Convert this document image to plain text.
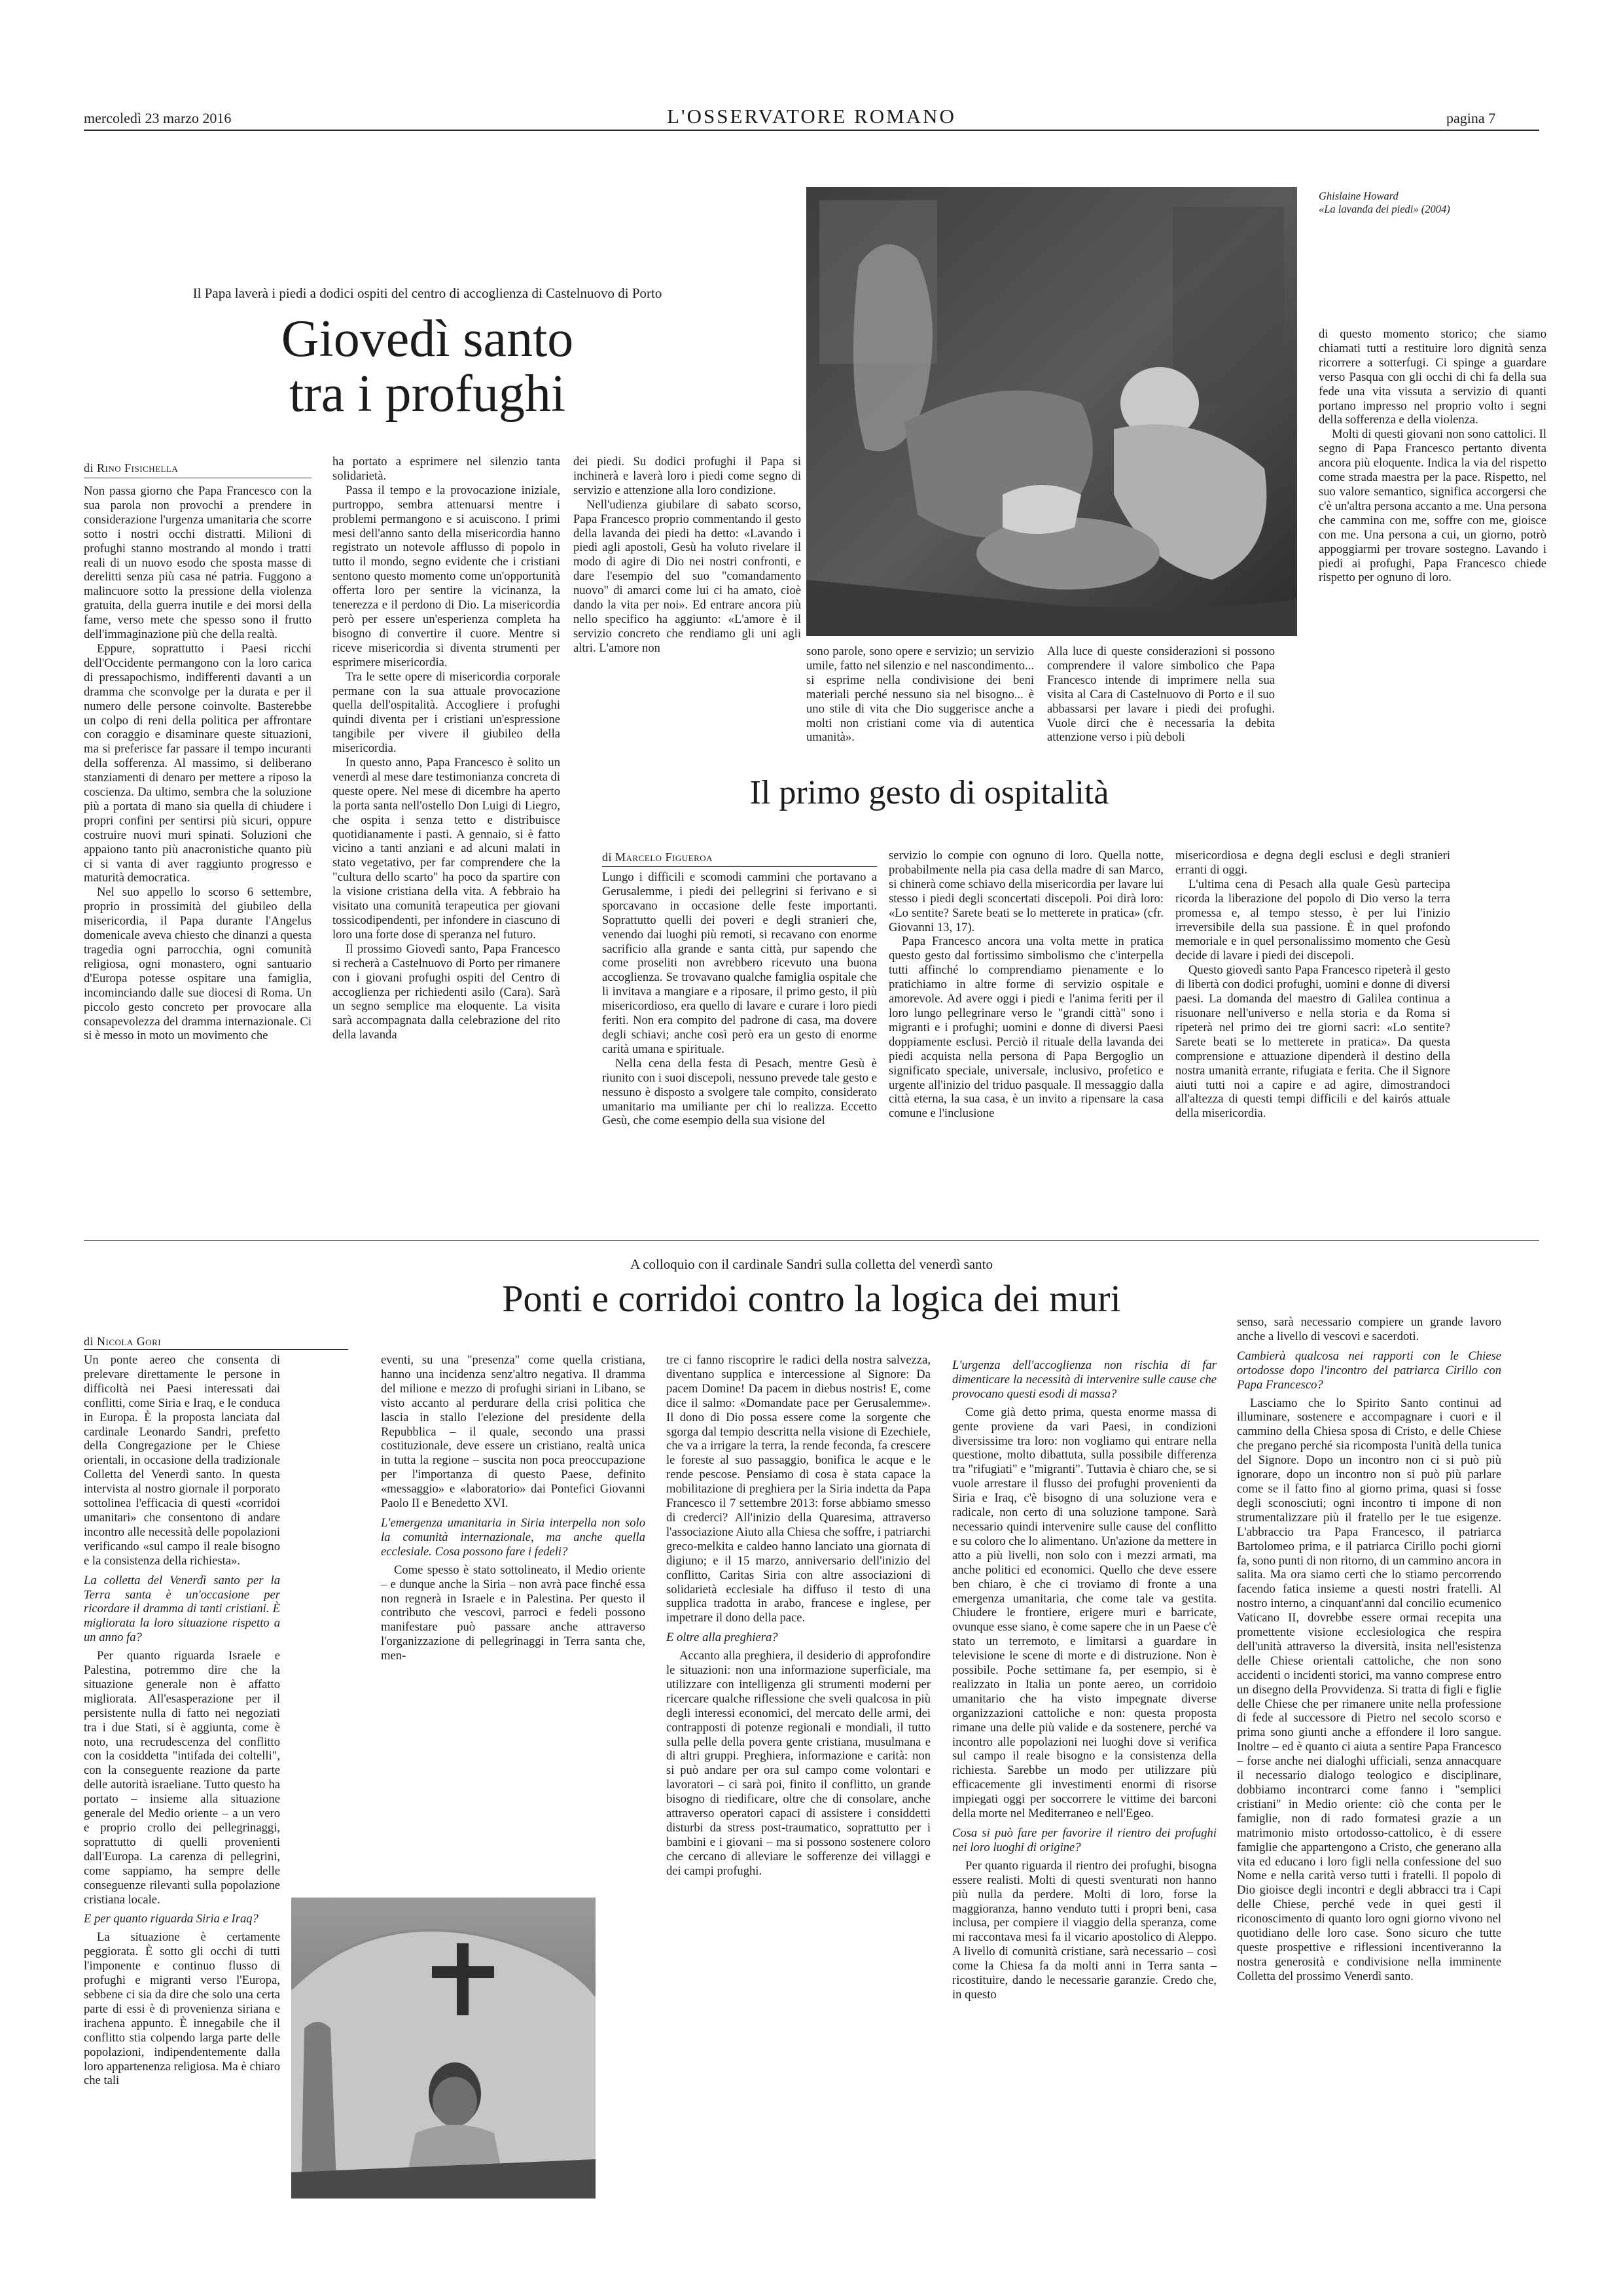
mercoledì 23 marzo 2016	L'OSSERVATORE ROMANO	pagina 7
Il Papa laverà i piedi a dodici ospiti del centro di accoglienza di Castelnuovo di Porto
Giovedì santo
tra i profughi
di Rino Fisichella

Non passa giorno che Papa Francesco con la sua parola non provochi a prendere in considerazione l'urgenza umanitaria che scorre sotto i nostri occhi distratti. Milioni di profughi stanno mostrando al mondo i tratti reali di un nuovo esodo che sposta masse di derelitti senza più casa né patria. Fuggono a malincuore sotto la pressione della violenza gratuita, della guerra inutile e dei morsi della fame, verso mete che spesso sono il frutto dell'immaginazione più che della realtà.

Eppure, soprattutto i Paesi ricchi dell'Occidente permangono con la loro carica di pressapochismo, indifferenti davanti a un dramma che sconvolge per la durata e per il numero delle persone coinvolte. Basterebbe un colpo di reni della politica per affrontare con coraggio e disaminare queste situazioni, ma si preferisce far passare il tempo incuranti della sofferenza. Al massimo, si deliberano stanziamenti di denaro per mettere a riposo la coscienza. Da ultimo, sembra che la soluzione più a portata di mano sia quella di chiudere i propri confini per sentirsi più sicuri, oppure costruire nuovi muri spinati. Soluzioni che appaiono tanto più anacronistiche quanto più ci si vanta di aver raggiunto progresso e maturità democratica.

Nel suo appello lo scorso 6 settembre, proprio in prossimità del giubileo della misericordia, il Papa durante l'Angelus domenicale aveva chiesto che dinanzi a questa tragedia ogni parrocchia, ogni comunità religiosa, ogni monastero, ogni santuario d'Europa potesse ospitare una famiglia, incominciando dalle sue diocesi di Roma. Un piccolo gesto concreto per provocare alla consapevolezza del dramma internazionale. Ci si è messo in moto un movimento che

ha portato a esprimere nel silenzio tanta solidarietà.

Passa il tempo e la provocazione iniziale, purtroppo, sembra attenuarsi mentre i problemi permangono e si acuiscono. I primi mesi dell'anno santo della misericordia hanno registrato un notevole afflusso di popolo in tutto il mondo, segno evidente che i cristiani sentono questo momento come un'opportunità offerta loro per sentire la vicinanza, la tenerezza e il perdono di Dio. La misericordia però per essere un'esperienza completa ha bisogno di convertire il cuore. Mentre si riceve misericordia si diventa strumenti per esprimere misericordia.

Tra le sette opere di misericordia corporale permane con la sua attuale provocazione quella dell'ospitalità. Accogliere i profughi quindi diventa per i cristiani un'espressione tangibile per vivere il giubileo della misericordia.

In questo anno, Papa Francesco è solito un venerdì al mese dare testimonianza concreta di queste opere. Nel mese di dicembre ha aperto la porta santa nell'ostello Don Luigi di Liegro, che ospita i senza tetto e distribuisce quotidianamente i pasti. A gennaio, si è fatto vicino a tanti anziani e ad alcuni malati in stato vegetativo, per far comprendere che la "cultura dello scarto" ha poco da spartire con la visione cristiana della vita. A febbraio ha visitato una comunità terapeutica per giovani tossicodipendenti, per infondere in ciascuno di loro una forte dose di speranza nel futuro.

Il prossimo Giovedì santo, Papa Francesco si recherà a Castelnuovo di Porto per rimanere con i giovani profughi ospiti del Centro di accoglienza per richiedenti asilo (Cara). Sarà un segno semplice ma eloquente. La visita sarà accompagnata dalla celebrazione del rito della lavanda

dei piedi. Su dodici profughi il Papa si inchinerà e laverà loro i piedi come segno di servizio e attenzione alla loro condizione.

Nell'udienza giubilare di sabato scorso, Papa Francesco proprio commentando il gesto della lavanda dei piedi ha detto: «Lavando i piedi agli apostoli, Gesù ha voluto rivelare il modo di agire di Dio nei nostri confronti, e dare l'esempio del suo "comandamento nuovo" di amarci come lui ci ha amato, cioè dando la vita per noi». Ed entrare ancora più nello specifico ha aggiunto: «L'amore è il servizio concreto che rendiamo gli uni agli altri. L'amore non	sono parole, sono opere e servizio; un servizio umile, fatto nel silenzio e nel nascondimento... si esprime nella condivisione dei beni materiali perché nessuno sia nel bisogno... è uno stile di vita che Dio suggerisce anche a molti non cristiani come via di autentica umanità».

Alla luce di queste considerazioni si possono comprendere il valore simbolico che Papa Francesco intende di imprimere nella sua visita al Cara di Castelnuovo di Porto e il suo abbassarsi per lavare i piedi dei profughi. Vuole dirci che è necessaria la debita attenzione verso i più deboli

di questo momento storico; che siamo chiamati tutti a restituire loro dignità senza ricorrere a sotterfugi. Ci spinge a guardare verso Pasqua con gli occhi di chi fa della sua fede una vita vissuta a servizio di quanti portano impresso nel proprio volto i segni della sofferenza e della violenza.

Molti di questi giovani non sono cattolici. Il segno di Papa Francesco pertanto diventa ancora più eloquente. Indica la via del rispetto come strada maestra per la pace. Rispetto, nel suo valore semantico, significa accorgersi che c'è un'altra persona accanto a me. Una persona che cammina con me, soffre con me, gioisce con me. Una persona a cui, un giorno, potrò appoggiarmi per trovare sostegno. Lavando i piedi ai profughi, Papa Francesco chiede rispetto per ognuno di loro.

Ghislaine Howard
«La lavanda dei piedi» (2004)
Il primo gesto di ospitalità
di Marcelo Figueroa

Lungo i difficili e scomodi cammini che portavano a Gerusalemme, i piedi dei pellegrini si ferivano e si sporcavano in occasione delle feste importanti. Soprattutto quelli dei poveri e degli stranieri che, venendo dai luoghi più remoti, si recavano con enorme sacrificio alla grande e santa città, pur sapendo che come proseliti non avrebbero ricevuto una buona accoglienza. Se trovavano qualche famiglia ospitale che li invitava a mangiare e a riposare, il primo gesto, il più misericordioso, era quello di lavare e curare i loro piedi feriti. Non era compito del padrone di casa, ma dovere degli schiavi; anche così però era un gesto di enorme carità umana e spirituale.

Nella cena della festa di Pesach, mentre Gesù è riunito con i suoi discepoli, nessuno prevede tale gesto e nessuno è disposto a svolgere tale compito, considerato umanitario ma umiliante per chi lo realizza. Eccetto Gesù, che come esempio della sua visione del

servizio lo compie con ognuno di loro. Quella notte, probabilmente nella pia casa della madre di san Marco, si chinerà come schiavo della misericordia per lavare lui stesso i piedi degli sconcertati discepoli. Poi dirà loro: «Lo sentite? Sarete beati se lo metterete in pratica» (cfr. Giovanni 13, 17).

Papa Francesco ancora una volta mette in pratica questo gesto dal fortissimo simbolismo che c'interpella tutti affinché lo comprendiamo pienamente e lo pratichiamo in altre forme di servizio ospitale e amorevole. Ad avere oggi i piedi e l'anima feriti per il loro lungo pellegrinare verso le "grandi città" sono i migranti e i profughi; uomini e donne di diversi Paesi doppiamente esclusi. Perciò il rituale della lavanda dei piedi acquista nella persona di Papa Bergoglio un significato speciale, universale, inclusivo, profetico e urgente all'inizio del triduo pasquale. Il messaggio dalla città eterna, la sua casa, è un invito a ripensare la casa comune e l'inclusione

misericordiosa e degna degli esclusi e degli stranieri erranti di oggi.

L'ultima cena di Pesach alla quale Gesù partecipa ricorda la liberazione del popolo di Dio verso la terra promessa e, al tempo stesso, è per lui l'inizio irreversibile della sua passione. È in quel profondo memoriale e in quel personalissimo momento che Gesù decide di lavare i piedi dei discepoli.

Questo giovedì santo Papa Francesco ripeterà il gesto di libertà con dodici profughi, uomini e donne di diversi paesi. La domanda del maestro di Galilea continua a risuonare nell'universo e nella storia e da Roma si ripeterà nel primo dei tre giorni sacri: «Lo sentite? Sarete beati se lo metterete in pratica». Da questa comprensione e attuazione dipenderà il destino della nostra umanità errante, rifugiata e ferita. Che il Signore aiuti tutti noi a capire e ad agire, dimostrandoci all'altezza di questi tempi difficili e del kairós attuale della misericordia.

A colloquio con il cardinale Sandri sulla colletta del venerdì santo
Ponti e corridoi contro la logica dei muri
di Nicola Gori

Un ponte aereo che consenta di prelevare direttamente le persone in difficoltà nei Paesi interessati dai conflitti, come Siria e Iraq, e le conduca in Europa. È la proposta lanciata dal cardinale Leonardo Sandri, prefetto della Congregazione per le Chiese orientali, in occasione della tradizionale Colletta del Venerdì santo. In questa intervista al nostro giornale il porporato sottolinea l'efficacia di questi «corridoi umanitari» che consentono di andare incontro alle necessità delle popolazioni verificando «sul campo il reale bisogno e la consistenza della richiesta».

La colletta del Venerdì santo per la Terra santa è un'occasione per ricordare il dramma di tanti cristiani. È migliorata la loro situazione rispetto a un anno fa?

Per quanto riguarda Israele e Palestina, potremmo dire che la situazione generale non è affatto migliorata. All'esasperazione per il persistente nulla di fatto nei negoziati tra i due Stati, si è aggiunta, come è noto, una recrudescenza del conflitto con la cosiddetta "intifada dei coltelli", con la conseguente reazione da parte delle autorità israeliane. Tutto questo ha portato – insieme alla situazione generale del Medio oriente – a un vero e proprio crollo dei pellegrinaggi, soprattutto di quelli provenienti dall'Europa. La carenza di pellegrini, come sappiamo, ha sempre delle conseguenze rilevanti sulla popolazione cristiana locale.

E per quanto riguarda Siria e Iraq?

La situazione è certamente peggiorata. È sotto gli occhi di tutti l'imponente e continuo flusso di profughi e migranti verso l'Europa, sebbene ci sia da dire che solo una certa parte di essi è di provenienza siriana e irachena appunto. È innegabile che il conflitto stia colpendo larga parte delle popolazioni, indipendentemente dalla loro appartenenza religiosa. Ma è chiaro che tali

eventi, su una "presenza" come quella cristiana, hanno una incidenza senz'altro negativa. Il dramma del milione e mezzo di profughi siriani in Libano, se visto accanto al perdurare della crisi politica che lascia in stallo l'elezione del presidente della Repubblica – il quale, secondo una prassi costituzionale, deve essere un cristiano, realtà unica in tutta la regione – suscita non poca preoccupazione per l'importanza di questo Paese, definito «messaggio» e «laboratorio» dai Pontefici Giovanni Paolo II e Benedetto XVI.

L'emergenza umanitaria in Siria interpella non solo la comunità internazionale, ma anche quella ecclesiale. Cosa possono fare i fedeli?

Come spesso è stato sottolineato, il Medio oriente – e dunque anche la Siria – non avrà pace finché essa non regnerà in Israele e in Palestina. Per questo il contributo che vescovi, parroci e fedeli possono manifestare può passare anche attraverso l'organizzazione di pellegrinaggi in Terra santa che, men-

tre ci fanno riscoprire le radici della nostra salvezza, diventano supplica e intercessione al Signore: Da pacem Domine! Da pacem in diebus nostris! E, come dice il salmo: «Domandate pace per Gerusalemme». Il dono di Dio possa essere come la sorgente che sgorga dal tempio descritta nella visione di Ezechiele, che va a irrigare la terra, la rende feconda, fa crescere le foreste al suo passaggio, bonifica le acque e le rende pescose. Pensiamo di cosa è stata capace la mobilitazione di preghiera per la Siria indetta da Papa Francesco il 7 settembre 2013: forse abbiamo smesso di crederci? All'inizio della Quaresima, attraverso l'associazione Aiuto alla Chiesa che soffre, i patriarchi greco-melkita e caldeo hanno lanciato una giornata di digiuno; e il 15 marzo, anniversario dell'inizio del conflitto, Caritas Siria con altre associazioni di solidarietà ecclesiale ha diffuso il testo di una supplica tradotta in arabo, francese e inglese, per impetrare il dono della pace.

E oltre alla preghiera?

Accanto alla preghiera, il desiderio di approfondire le situazioni: non una informazione superficiale, ma utilizzare con intelligenza gli strumenti moderni per ricercare qualche riflessione che sveli qualcosa in più degli interessi economici, del mercato delle armi, dei contrapposti di potenze regionali e mondiali, il tutto sulla pelle della povera gente cristiana, musulmana e di altri gruppi. Preghiera, informazione e carità: non si può andare per ora sul campo come volontari e lavoratori – ci sarà poi, finito il conflitto, un grande bisogno di riedificare, oltre che di consolare, anche attraverso operatori capaci di assistere i considdetti disturbi da stress post-traumatico, soprattutto per i bambini e i giovani – ma si possono sostenere coloro che cercano di alleviare le sofferenze dei villaggi e dei campi profughi.

L'urgenza dell'accoglienza non rischia di far dimenticare la necessità di intervenire sulle cause che provocano questi esodi di massa?

Come già detto prima, questa enorme massa di gente proviene da vari Paesi, in condizioni diversissime tra loro: non vogliamo qui entrare nella questione, molto dibattuta, sulla possibile differenza tra "rifugiati" e "migranti". Tuttavia è chiaro che, se si vuole arrestare il flusso dei profughi provenienti da Siria e Iraq, c'è bisogno di una soluzione vera e radicale, non certo di una soluzione tampone. Sarà necessario quindi intervenire sulle cause del conflitto e su coloro che lo alimentano. Un'azione da mettere in atto a più livelli, non solo con i mezzi armati, ma anche politici ed economici. Quello che deve essere ben chiaro, è che ci troviamo di fronte a una emergenza umanitaria, che come tale va gestita. Chiudere le frontiere, erigere muri e barricate, ovunque esse siano, è come sapere che in un Paese c'è stato un terremoto, e limitarsi a guardare in televisione le scene di morte e di distruzione. Non è possibile. Poche settimane fa, per esempio, si è realizzato in Italia un ponte aereo, un corridoio umanitario che ha visto impegnate diverse organizzazioni cattoliche e non: questa proposta rimane una delle più valide e da sostenere, perché va incontro alle popolazioni nei luoghi dove si verifica sul campo il reale bisogno e la consistenza della richiesta. Sarebbe un modo per utilizzare più efficacemente gli investimenti enormi di risorse impiegati oggi per soccorrere le vittime dei barconi della morte nel Mediterraneo e nell'Egeo.

Cosa si può fare per favorire il rientro dei profughi nei loro luoghi di origine?

Per quanto riguarda il rientro dei profughi, bisogna essere realisti. Molti di questi sventurati non hanno più nulla da perdere. Molti di loro, forse la maggioranza, hanno venduto tutti i propri beni, casa inclusa, per compiere il viaggio della speranza, come mi raccontava mesi fa il vicario apostolico di Aleppo. A livello di comunità cristiane, sarà necessario – così come la Chiesa fa da molti anni in Terra santa – ricostituire, dando le necessarie garanzie. Credo che, in questo

senso, sarà necessario compiere un grande lavoro anche a livello di vescovi e sacerdoti.

Cambierà qualcosa nei rapporti con le Chiese ortodosse dopo l'incontro del patriarca Cirillo con Papa Francesco?

Lasciamo che lo Spirito Santo continui ad illuminare, sostenere e accompagnare i cuori e il cammino della Chiesa sposa di Cristo, e delle Chiese che pregano perché sia ricomposta l'unità della tunica del Signore. Dopo un incontro non ci si può più ignorare, dopo un incontro non si può più parlare come se il fatto fino al giorno prima, quasi si fosse degli sconosciuti; ogni incontro ti impone di non strumentalizzare più il fratello per le tue esigenze. L'abbraccio tra Papa Francesco, il patriarca Bartolomeo prima, e il patriarca Cirillo pochi giorni fa, sono punti di non ritorno, di un cammino ancora in salita. Ma ora siamo certi che lo stiamo percorrendo facendo fatica insieme a questi nostri fratelli. Al nostro interno, a cinquant'anni dal concilio ecumenico Vaticano II, dovrebbe essere ormai recepita una promettente visione ecclesiologica che respira dell'unità attraverso la diversità, insita nell'esistenza delle Chiese orientali cattoliche, che non sono accidenti o incidenti storici, ma vanno comprese entro un disegno della Provvidenza. Si tratta di figli e figlie delle Chiese che per rimanere unite nella professione di fede al successore di Pietro nel secolo scorso e prima sono giunti anche a effondere il loro sangue. Inoltre – ed è quanto ci aiuta a sentire Papa Francesco – forse anche nei dialoghi ufficiali, senza annacquare il necessario dialogo teologico e disciplinare, dobbiamo incontrarci come fanno i "semplici cristiani" in Medio oriente: ciò che conta per le famiglie, non di rado formatesi grazie a un matrimonio misto ortodosso-cattolico, è di essere famiglie che appartengono a Cristo, che generano alla vita ed educano i loro figli nella confessione del suo Nome e nella carità verso tutti i fratelli. Il popolo di Dio gioisce degli incontri e degli abbracci tra i Capi delle Chiese, perché vede in quei gesti il riconoscimento di quanto loro ogni giorno vivono nel quotidiano delle loro case. Sono sicuro che tutte queste prospettive e riflessioni incentiveranno la nostra generosità e condivisione nella imminente Colletta del prossimo Venerdì santo.
